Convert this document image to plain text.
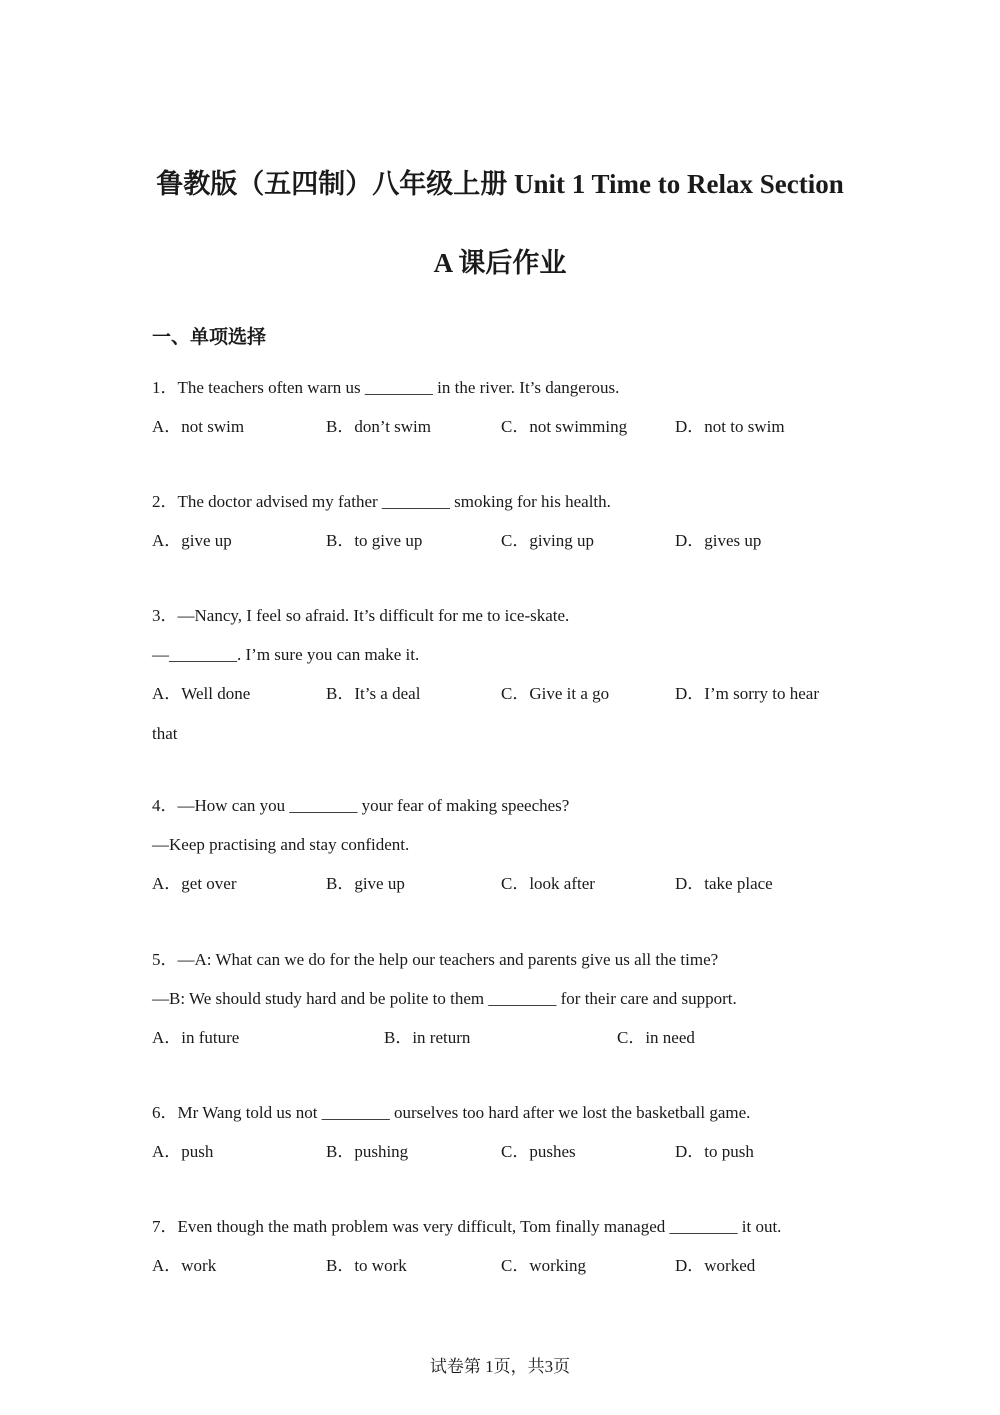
鲁教版（五四制）八年级上册 Unit 1 Time to Relax Section
A 课后作业
一、单项选择
1．The teachers often warn us ________ in the river. It’s dangerous.
A．not swim	B．don’t swim	C．not swimming	D．not to swim
2．The doctor advised my father ________ smoking for his health.
A．give up	B．to give up	C．giving up	D．gives up
3．—Nancy, I feel so afraid. It’s difficult for me to ice-skate.
—________. I’m sure you can make it.
A．Well done	B．It’s a deal	C．Give it a go	D．I’m sorry to hear
that
4．—How can you ________ your fear of making speeches?
—Keep practising and stay confident.
A．get over	B．give up	C．look after	D．take place
5．—A: What can we do for the help our teachers and parents give us all the time?
—B: We should study hard and be polite to them ________ for their care and support.
A．in future	B．in return	C．in need
6．Mr Wang told us not ________ ourselves too hard after we lost the basketball game.
A．push	B．pushing	C．pushes	D．to push
7．Even though the math problem was very difficult, Tom finally managed ________ it out.
A．work	B．to work	C．working	D．worked
试卷第 1页，共3页
